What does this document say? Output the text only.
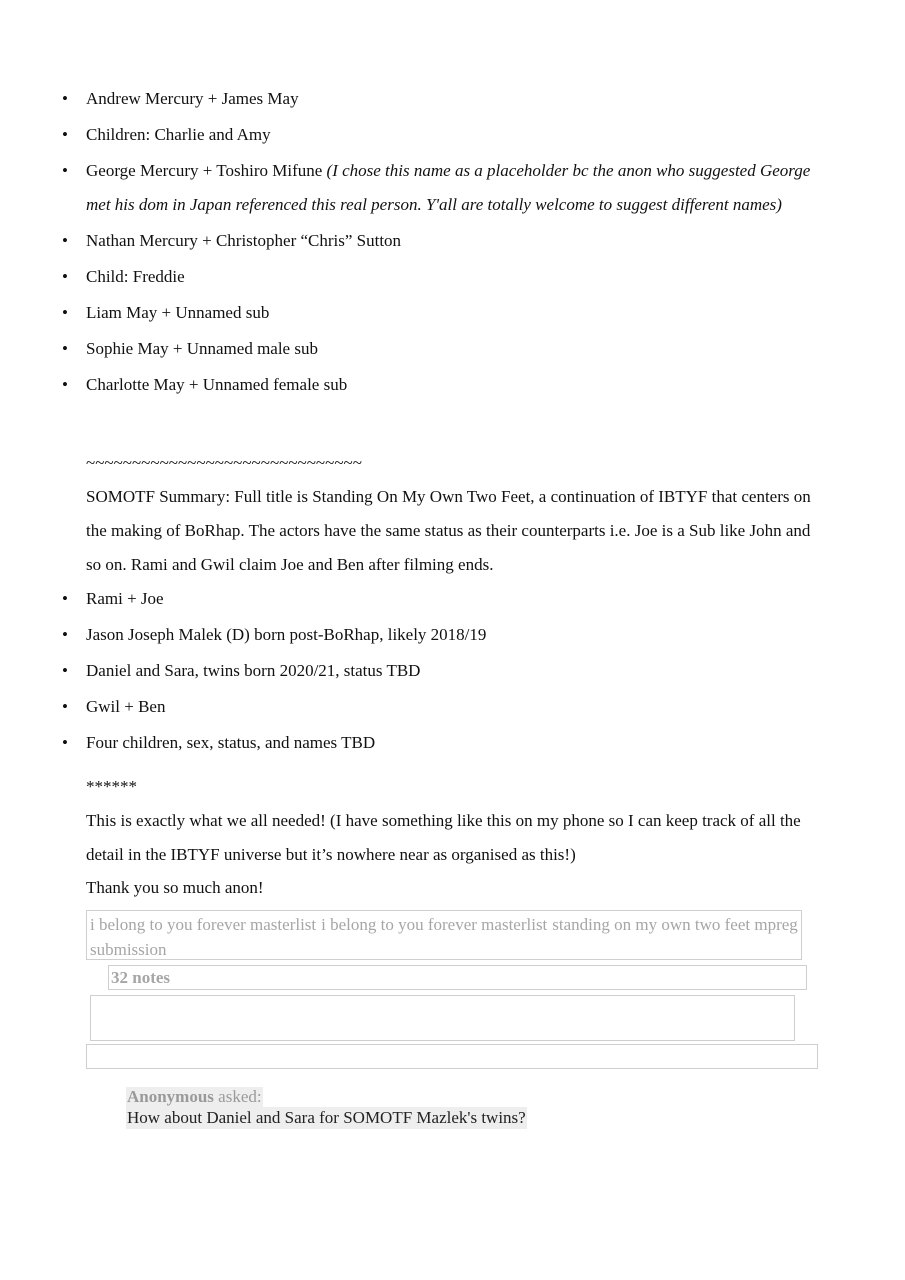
• Andrew Mercury + James May
• Children: Charlie and Amy
• George Mercury + Toshiro Mifune (I chose this name as a placeholder bc the anon who suggested George met his dom in Japan referenced this real person. Y'all are totally welcome to suggest different names)
• Nathan Mercury + Christopher “Chris” Sutton
• Child: Freddie
• Liam May + Unnamed sub
• Sophie May + Unnamed male sub
• Charlotte May + Unnamed female sub

~~~~~~~~~~~~~~~~~~~~~~~~~~~~~~

SOMOTF Summary: Full title is Standing On My Own Two Feet, a continuation of IBTYF that centers on the making of BoRhap. The actors have the same status as their counterparts i.e. Joe is a Sub like John and so on. Rami and Gwil claim Joe and Ben after filming ends.

• Rami + Joe
• Jason Joseph Malek (D) born post-BoRhap, likely 2018/19
• Daniel and Sara, twins born 2020/21, status TBD
• Gwil + Ben
• Four children, sex, status, and names TBD

******

This is exactly what we all needed! (I have something like this on my phone so I can keep track of all the detail in the IBTYF universe but it’s nowhere near as organised as this!)

Thank you so much anon!

i belong to you forever masterlist i belong to you forever masterlist standing on my own two feet mpreg submission
32 notes
Anonymous asked:
How about Daniel and Sara for SOMOTF Mazlek's twins?
